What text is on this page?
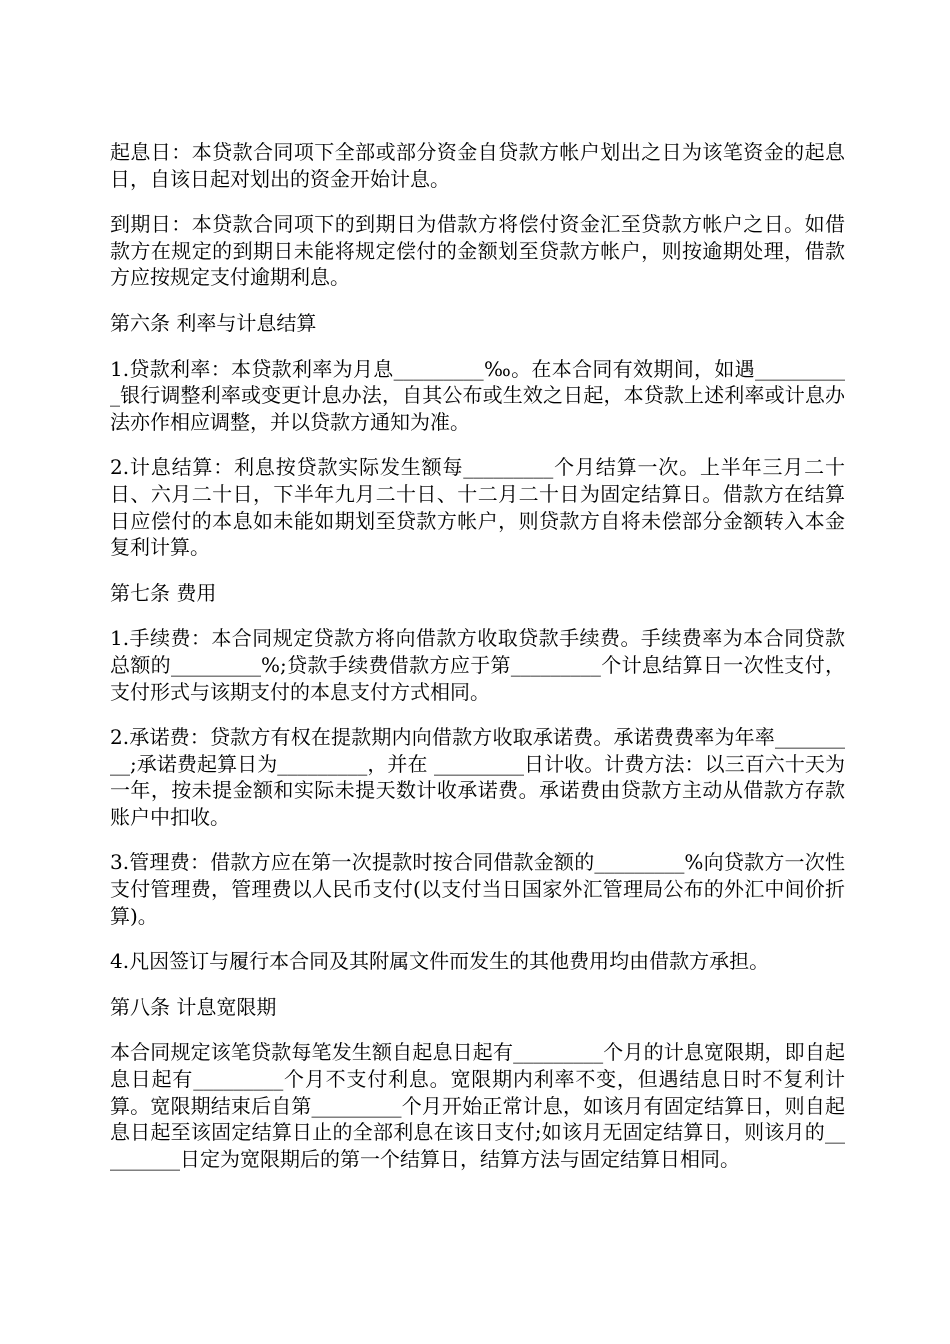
起息日：本贷款合同项下全部或部分资金自贷款方帐户划出之日为该笔资金的起息日，自该日起对划出的资金开始计息。

到期日：本贷款合同项下的到期日为借款方将偿付资金汇至贷款方帐户之日。如借款方在规定的到期日未能将规定偿付的金额划至贷款方帐户，则按逾期处理，借款方应按规定支付逾期利息。

第六条 利率与计息结算

1.贷款利率：本贷款利率为月息_________‰。在本合同有效期间，如遇__________银行调整利率或变更计息办法，自其公布或生效之日起，本贷款上述利率或计息办法亦作相应调整，并以贷款方通知为准。

2.计息结算：利息按贷款实际发生额每_________个月结算一次。上半年三月二十日、六月二十日，下半年九月二十日、十二月二十日为固定结算日。借款方在结算日应偿付的本息如未能如期划至贷款方帐户，则贷款方自将未偿部分金额转入本金复利计算。

第七条 费用

1.手续费：本合同规定贷款方将向借款方收取贷款手续费。手续费率为本合同贷款总额的_________%;贷款手续费借款方应于第_________个计息结算日一次性支付，支付形式与该期支付的本息支付方式相同。

2.承诺费：贷款方有权在提款期内向借款方收取承诺费。承诺费费率为年率_________;承诺费起算日为_________，并在 _________日计收。计费方法：以三百六十天为一年，按未提金额和实际未提天数计收承诺费。承诺费由贷款方主动从借款方存款账户中扣收。

3.管理费：借款方应在第一次提款时按合同借款金额的_________%向贷款方一次性支付管理费，管理费以人民币支付(以支付当日国家外汇管理局公布的外汇中间价折算)。

4.凡因签订与履行本合同及其附属文件而发生的其他费用均由借款方承担。

第八条 计息宽限期

本合同规定该笔贷款每笔发生额自起息日起有_________个月的计息宽限期，即自起息日起有_________个月不支付利息。宽限期内利率不变，但遇结息日时不复利计算。宽限期结束后自第_________个月开始正常计息，如该月有固定结算日，则自起息日起至该固定结算日止的全部利息在该日支付;如该月无固定结算日，则该月的_________日定为宽限期后的第一个结算日，结算方法与固定结算日相同。
